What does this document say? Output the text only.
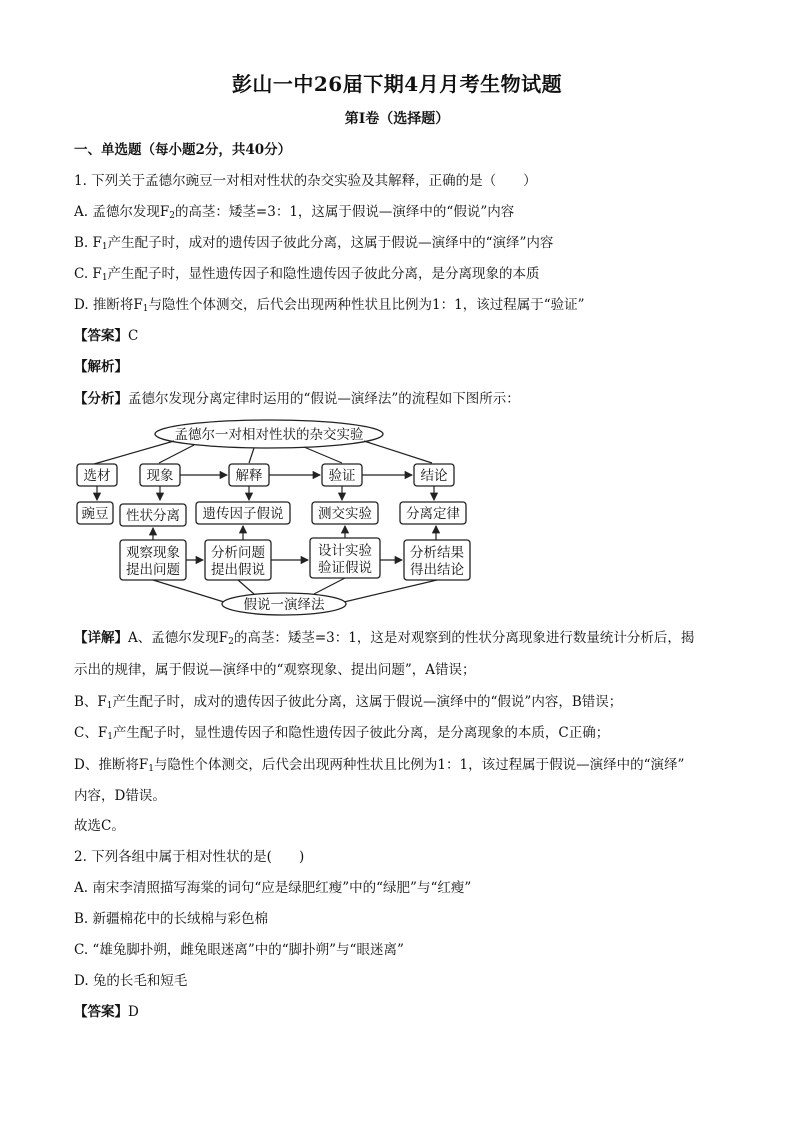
彭山一中26届下期4月月考生物试题
第Ⅰ卷（选择题）
一、单选题（每小题2分，共40分）
1. 下列关于孟德尔豌豆一对相对性状的杂交实验及其解释，正确的是（　　）
A. 孟德尔发现$F_2$的高茎：矮茎=3：1，这属于假说—演绎中的“假说”内容
B. $F_1$产生配子时，成对的遗传因子彼此分离，这属于假说—演绎中的“演绎”内容
C. $F_1$产生配子时，显性遗传因子和隐性遗传因子彼此分离，是分离现象的本质
D. 推断将$F_1$与隐性个体测交，后代会出现两种性状且比例为1：1，该过程属于“验证”
【答案】C
【解析】
【分析】孟德尔发现分离定律时运用的“假说—演绎法”的流程如下图所示：
孟德尔一对相对性状的杂交实验
选材	现象	解释	验证	结论
豌豆 性状分离 遗传因子假说	测交实验	分离定律
观察现象
提出问题
分析问题
提出假说
设计实验
验证假说
分析结果
得出结论
假说一演绎法
【详解】A、孟德尔发现$F_2$的高茎：矮茎=3：1，这是对观察到的性状分离现象进行数量统计分析后，揭
示出的规律，属于假说—演绎中的“观察现象、提出问题”，A错误；
B、$F_1$产生配子时，成对的遗传因子彼此分离，这属于假说—演绎中的“假说”内容，B错误；
C、$F_1$产生配子时，显性遗传因子和隐性遗传因子彼此分离，是分离现象的本质，C正确；
D、推断将$F_1$与隐性个体测交，后代会出现两种性状且比例为1：1，该过程属于假说—演绎中的“演绎”
内容，D错误。
故选C。
2. 下列各组中属于相对性状的是(　　)
A. 南宋李清照描写海棠的词句“应是绿肥红瘦”中的“绿肥”与“红瘦”
B. 新疆棉花中的长绒棉与彩色棉
C. “雄兔脚扑朔，雌兔眼迷离”中的“脚扑朔”与“眼迷离”
D. 兔的长毛和短毛
【答案】D
